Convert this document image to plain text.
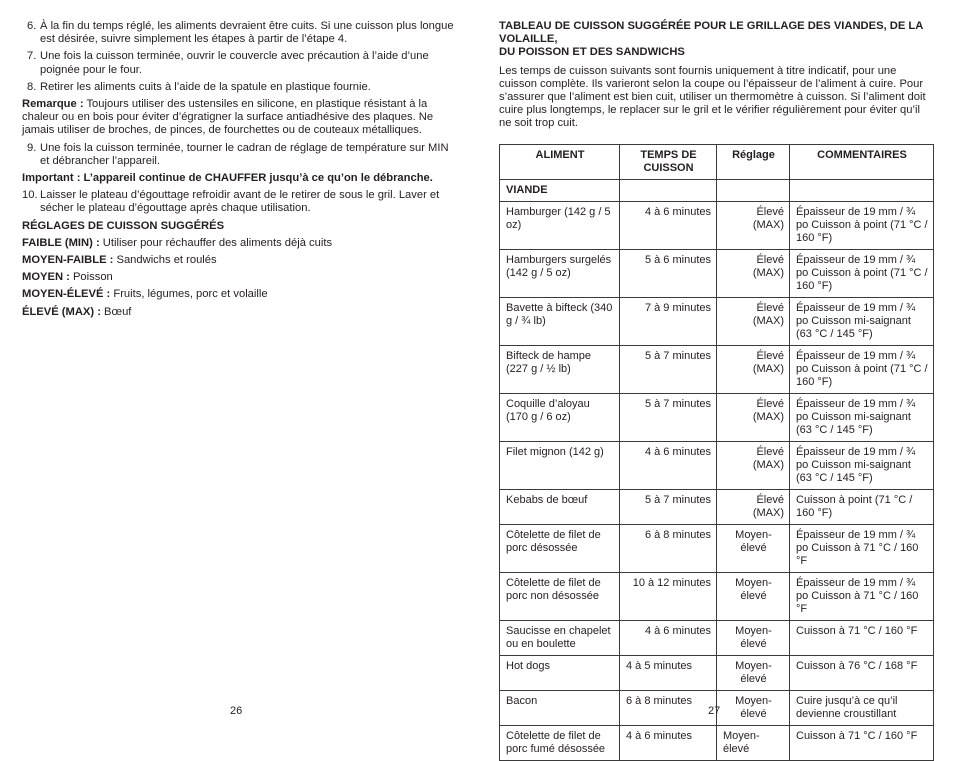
6. À la fin du temps réglé, les aliments devraient être cuits. Si une cuisson plus longue est désirée, suivre simplement les étapes à partir de l’étape 4.
7. Une fois la cuisson terminée, ouvrir le couvercle avec précaution à l’aide d’une poignée pour le four.
8. Retirer les aliments cuits à l’aide de la spatule en plastique fournie.
Remarque : Toujours utiliser des ustensiles en silicone, en plastique résistant à la chaleur ou en bois pour éviter d’égratigner la surface antiadhésive des plaques. Ne jamais utiliser de broches, de pinces, de fourchettes ou de couteaux métalliques.
9. Une fois la cuisson terminée, tourner le cadran de réglage de température sur MIN et débrancher l’appareil.
Important : L’appareil continue de CHAUFFER jusqu’à ce qu’on le débranche.
10. Laisser le plateau d’égouttage refroidir avant de le retirer de sous le gril. Laver et sécher le plateau d’égouttage après chaque utilisation.
RÉGLAGES DE CUISSON SUGGÉRÉS
FAIBLE (MIN) : Utiliser pour réchauffer des aliments déjà cuits
MOYEN-FAIBLE : Sandwichs et roulés
MOYEN : Poisson
MOYEN-ÉLEVÉ : Fruits, légumes, porc et volaille
ÉLEVÉ (MAX) : Bœuf
TABLEAU DE CUISSON SUGGÉRÉE POUR LE GRILLAGE DES VIANDES, DE LA VOLAILLE,
DU POISSON ET DES SANDWICHS
Les temps de cuisson suivants sont fournis uniquement à titre indicatif, pour une cuisson complète. Ils varieront selon la coupe ou l’épaisseur de l’aliment à cuire. Pour s’assurer que l’aliment est bien cuit, utiliser un thermomètre à cuisson. Si l’aliment doit cuire plus longtemps, le replacer sur le gril et le vérifier régulièrement pour éviter qu’il ne soit trop cuit.
ALIMENT	TEMPS DE CUISSON	Réglage	COMMENTAIRES
VIANDE			
Hamburger (142 g / 5 oz)	4 à 6 minutes	Élevé (MAX)	Épaisseur de 19 mm / ¾ po Cuisson à point (71 °C / 160 °F)
Hamburgers surgelés (142 g / 5 oz)	5 à 6 minutes	Élevé (MAX)	Épaisseur de 19 mm / ¾ po Cuisson à point (71 °C / 160 °F)
Bavette à bifteck (340 g / ¾ lb)	7 à 9 minutes	Élevé (MAX)	Épaisseur de 19 mm / ¾ po Cuisson mi-saignant (63 °C / 145 °F)
Bifteck de hampe (227 g / ½ lb)	5 à 7 minutes	Élevé (MAX)	Épaisseur de 19 mm / ¾ po Cuisson à point (71 °C / 160 °F)
Coquille d’aloyau (170 g / 6 oz)	5 à 7 minutes	Élevé (MAX)	Épaisseur de 19 mm / ¾ po Cuisson mi-saignant (63 °C / 145 °F)
Filet mignon (142 g)	4 à 6 minutes	Élevé (MAX)	Épaisseur de 19 mm / ¾ po Cuisson mi-saignant (63 °C / 145 °F)
Kebabs de bœuf	5 à 7 minutes	Élevé (MAX)	Cuisson à point (71 °C / 160 °F)
Côtelette de filet de porc désossée	6 à 8 minutes	Moyen-élevé	Épaisseur de 19 mm / ¾ po Cuisson à 71 °C / 160 °F
Côtelette de filet de porc non désossée	10 à 12 minutes	Moyen-élevé	Épaisseur de 19 mm / ¾ po Cuisson à 71 °C / 160 °F
Saucisse en chapelet ou en boulette	4 à 6 minutes	Moyen-élevé	Cuisson à 71 °C / 160 °F
Hot dogs	4 à 5 minutes	Moyen-élevé	Cuisson à 76 °C / 168 °F
Bacon	6 à 8 minutes	Moyen-élevé	Cuire jusqu’à ce qu’il devienne croustillant
Côtelette de filet de porc fumé désossée	4 à 6 minutes	Moyen-élevé	Cuisson à 71 °C / 160 °F
26	27
